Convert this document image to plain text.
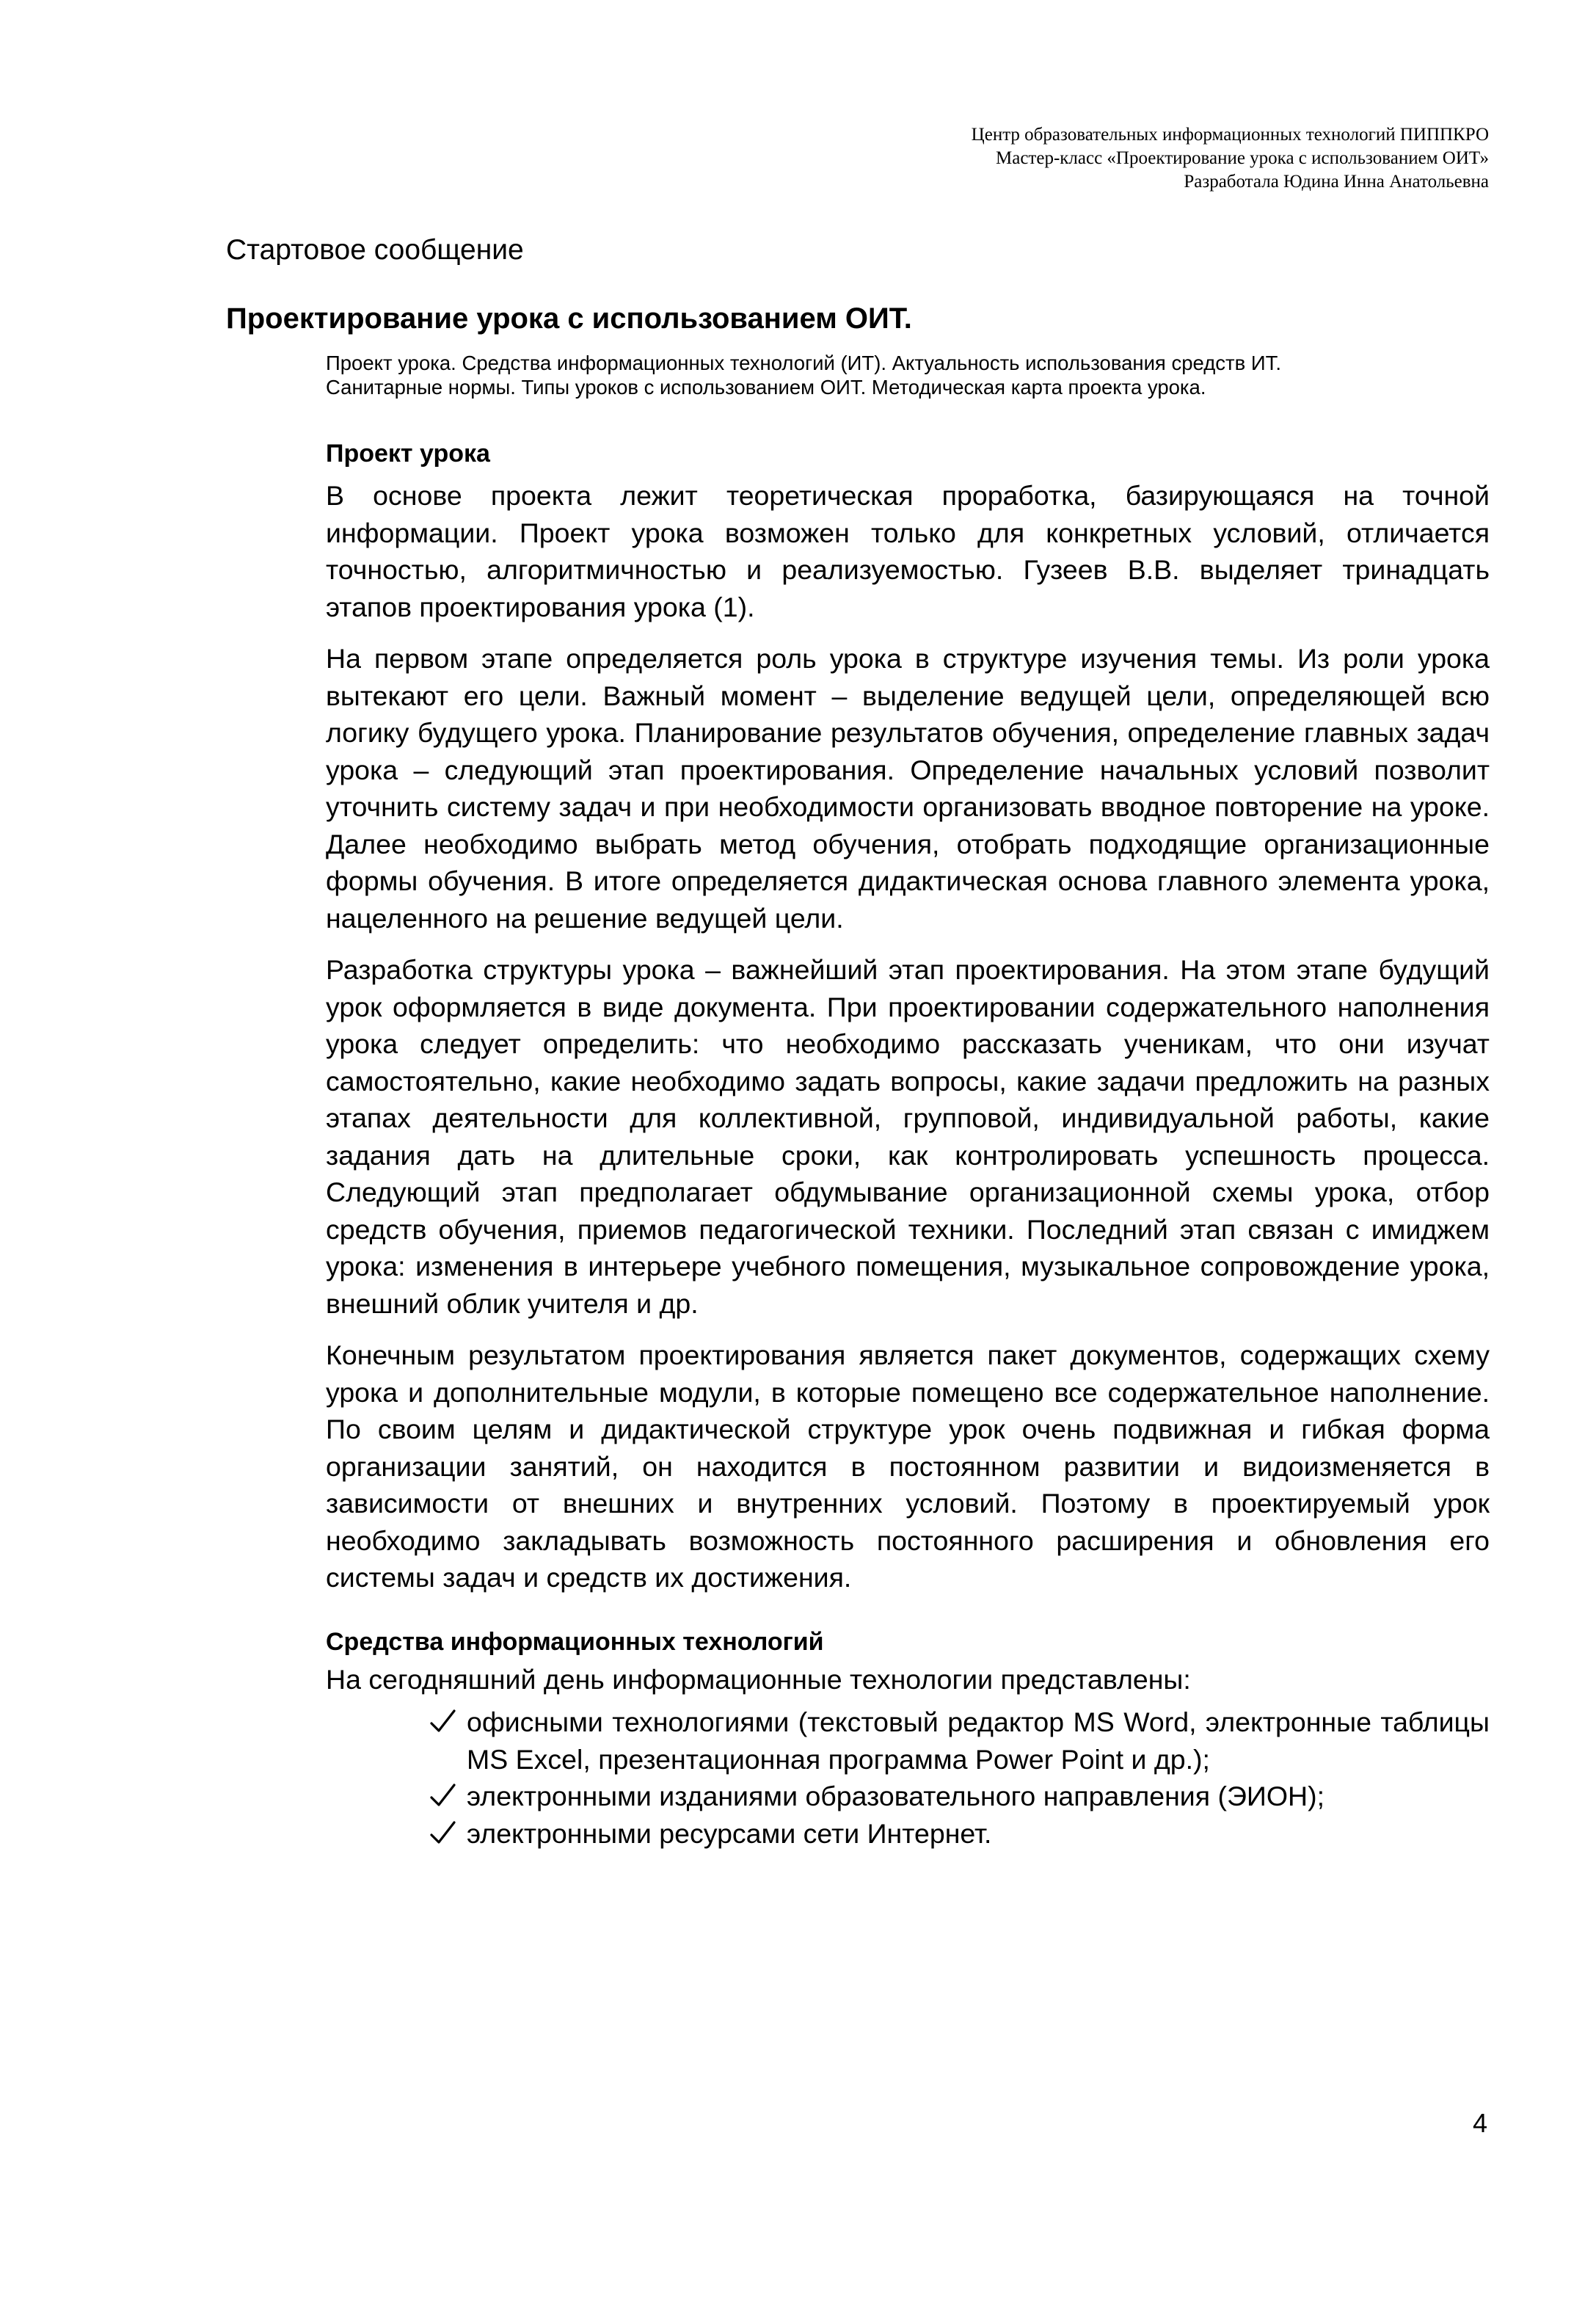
Центр образовательных информационных технологий ПИППКРО
Мастер-класс «Проектирование урока с использованием ОИТ»
Разработала Юдина Инна Анатольевна
Стартовое сообщение
Проектирование урока с использованием ОИТ.
Проект урока. Средства информационных технологий (ИТ). Актуальность использования средств ИТ.
Санитарные нормы. Типы уроков с использованием ОИТ. Методическая карта проекта урока.
Проект урока

В основе проекта лежит теоретическая проработка, базирующаяся на точной информации. Проект урока возможен только для конкретных условий, отличается точностью, алгоритмичностью и реализуемостью. Гузеев В.В. выделяет тринадцать этапов проектирования урока (1).

На первом этапе определяется роль урока в структуре изучения темы. Из роли урока вытекают его цели. Важный момент – выделение ведущей цели, определяющей всю логику будущего урока. Планирование результатов обучения, определение главных задач урока – следующий этап проектирования. Определение начальных условий позволит уточнить систему задач и при необходимости организовать вводное повторение на уроке. Далее необходимо выбрать метод обучения, отобрать подходящие организационные формы обучения. В итоге определяется дидактическая основа главного элемента урока, нацеленного на решение ведущей цели.

Разработка структуры урока – важнейший этап проектирования. На этом этапе будущий урок оформляется в виде документа. При проектировании содержательного наполнения урока следует определить: что необходимо рассказать ученикам, что они изучат самостоятельно, какие необходимо задать вопросы, какие задачи предложить на разных этапах деятельности для коллективной, групповой, индивидуальной работы, какие задания дать на длительные сроки, как контролировать успешность процесса. Следующий этап предполагает обдумывание организационной схемы урока, отбор средств обучения, приемов педагогической техники. Последний этап связан с имиджем урока: изменения в интерьере учебного помещения, музыкальное сопровождение урока, внешний облик учителя и др.

Конечным результатом проектирования является пакет документов, содержащих схему урока и дополнительные модули, в которые помещено все содержательное наполнение. По своим целям и дидактической структуре урок очень подвижная и гибкая форма организации занятий, он находится в постоянном развитии и видоизменяется в зависимости от внешних и внутренних условий. Поэтому в проектируемый урок необходимо закладывать возможность постоянного расширения и обновления его системы задач и средств их достижения.

Средства информационных технологий
На сегодняшний день информационные технологии представлены:
офисными технологиями (текстовый редактор MS Word, электронные таблицы MS Excel, презентационная программа Power Point и др.);
электронными изданиями образовательного направления (ЭИОН);
электронными ресурсами сети Интернет.
4
